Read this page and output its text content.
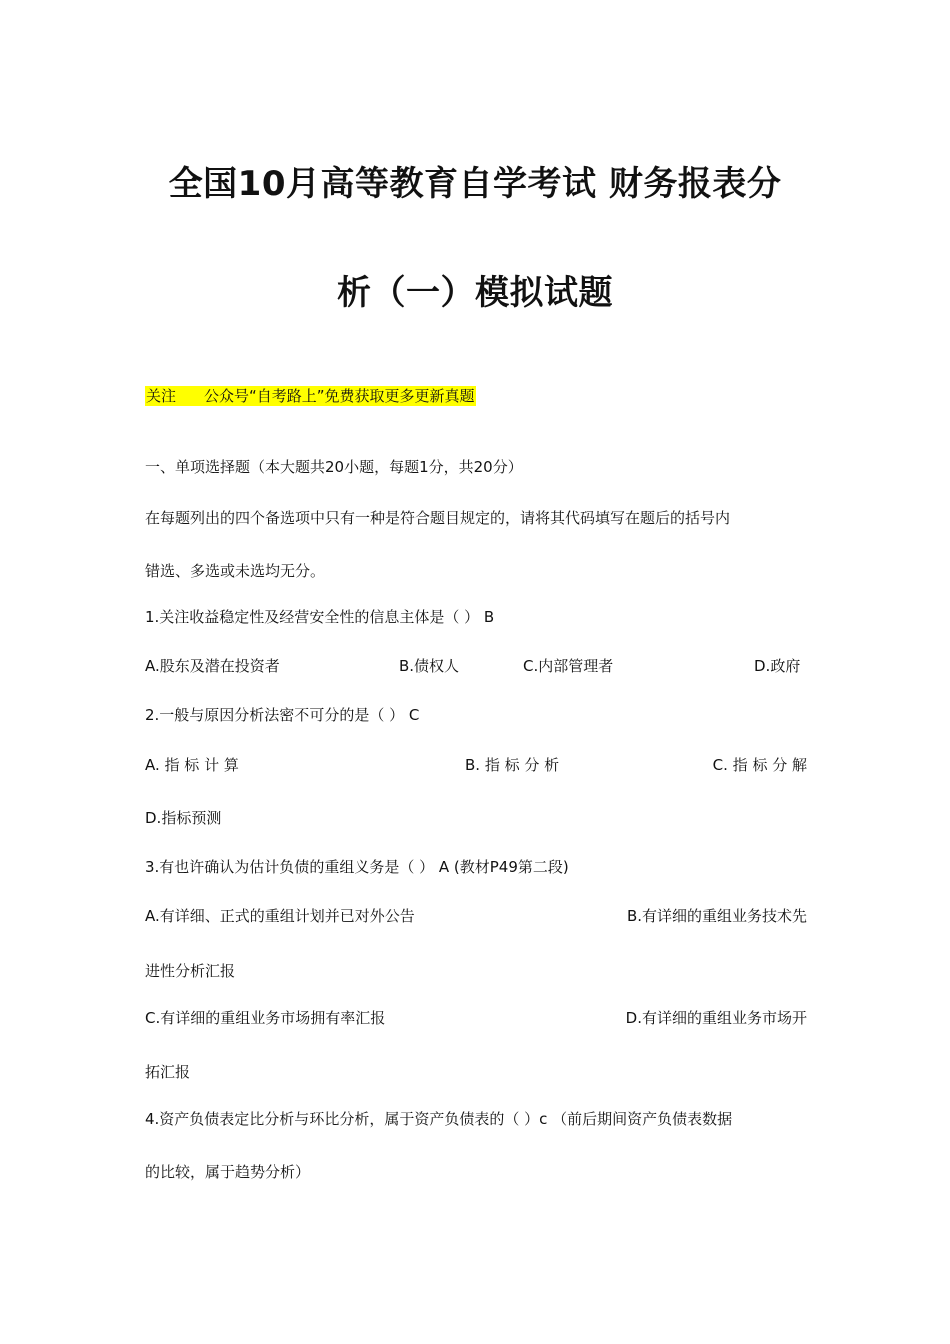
全国10月高等教育自学考试 财务报表分
析（一）模拟试题
关注 公众号“自考路上”免费获取更多更新真题
一、单项选择题（本大题共20小题，每题1分，共20分）
在每题列出的四个备选项中只有一种是符合题目规定的，请将其代码填写在题后的括号内
错选、多选或未选均无分。
1.关注收益稳定性及经营安全性的信息主体是（ ） B
A.股东及潜在投资者	B.债权人	C.内部管理者	D.政府
2.一般与原因分析法密不可分的是（ ） C
A. 指 标 计 算	B. 指 标 分 析	C. 指 标 分 解
D.指标预测
3.有也许确认为估计负债的重组义务是（ ） A (教材P49第二段)
A.有详细、正式的重组计划并已对外公告	B.有详细的重组业务技术先
进性分析汇报
C.有详细的重组业务市场拥有率汇报	D.有详细的重组业务市场开
拓汇报
4.资产负债表定比分析与环比分析，属于资产负债表的（ ）c （前后期间资产负债表数据
的比较，属于趋势分析）
